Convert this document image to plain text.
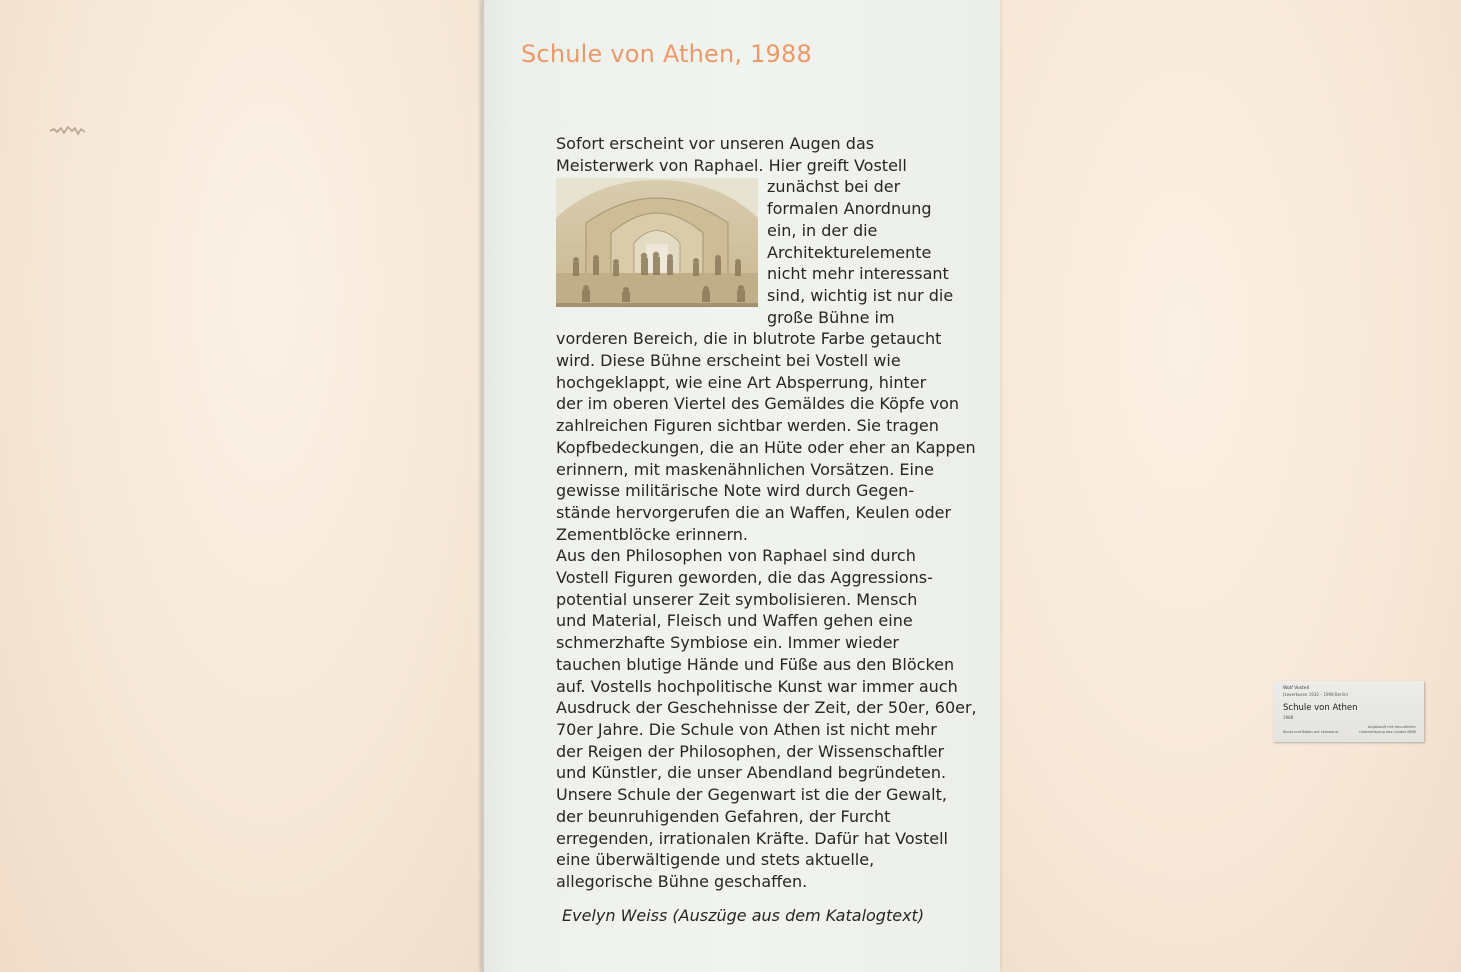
Schule von Athen, 1988
Sofort erscheint vor unseren Augen das
Meisterwerk von Raphael. Hier greift Vostell
zunächst bei der
formalen Anordnung
ein, in der die
Architekturelemente
nicht mehr interessant
sind, wichtig ist nur die
große Bühne im
vorderen Bereich, die in blutrote Farbe getaucht
wird. Diese Bühne erscheint bei Vostell wie
hochgeklappt, wie eine Art Absperrung, hinter
der im oberen Viertel des Gemäldes die Köpfe von
zahlreichen Figuren sichtbar werden. Sie tragen
Kopfbedeckungen, die an Hüte oder eher an Kappen
erinnern, mit maskenähnlichen Vorsätzen. Eine
gewisse militärische Note wird durch Gegen-
stände hervorgerufen die an Waffen, Keulen oder
Zementblöcke erinnern.
Aus den Philosophen von Raphael sind durch
Vostell Figuren geworden, die das Aggressions-
potential unserer Zeit symbolisieren. Mensch
und Material, Fleisch und Waffen gehen eine
schmerzhafte Symbiose ein. Immer wieder
tauchen blutige Hände und Füße aus den Blöcken
auf. Vostells hochpolitische Kunst war immer auch
Ausdruck der Geschehnisse der Zeit, der 50er, 60er,
70er Jahre. Die Schule von Athen ist nicht mehr
der Reigen der Philosophen, der Wissenschaftler
und Künstler, die unser Abendland begründeten.
Unsere Schule der Gegenwart ist die der Gewalt,
der beunruhigenden Gefahren, der Furcht
erregenden, irrationalen Kräfte. Dafür hat Vostell
eine überwältigende und stets aktuelle,
allegorische Bühne geschaffen.
Evelyn Weiss (Auszüge aus dem Katalogtext)
Wolf Vostell
(Leverkusen 1932 – 1998 Berlin)
Schule von Athen
1988
Kunst und Beton auf Leinwand
Angekauft mit freundlicher
Unterstützung des Landes NRW
